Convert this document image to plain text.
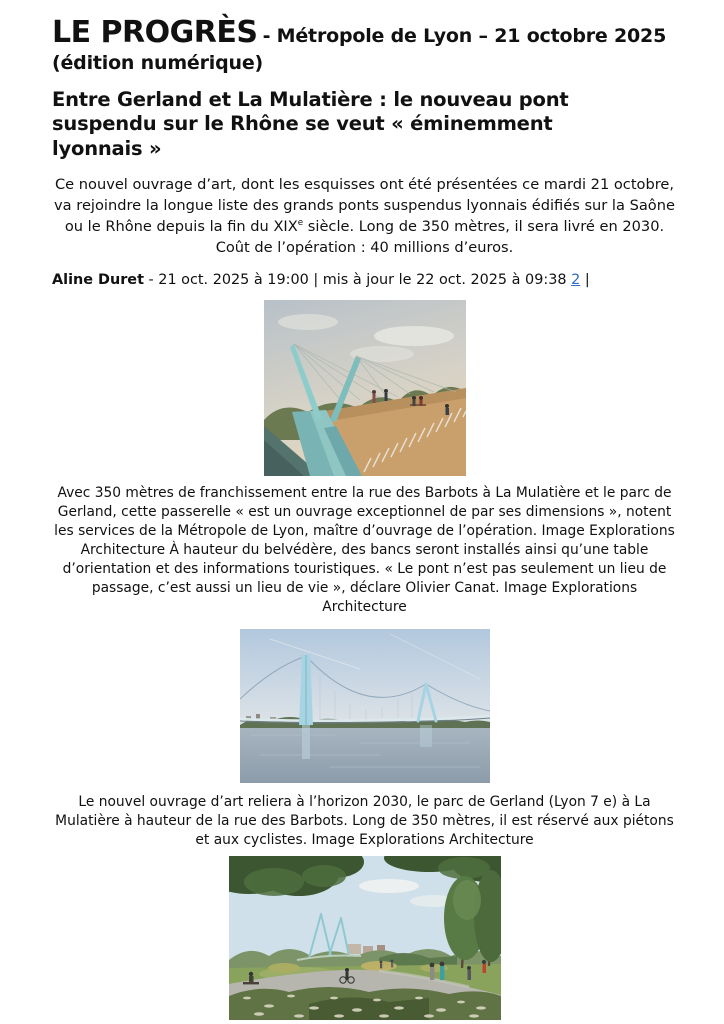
LE PROGRÈS - Métropole de Lyon – 21 octobre 2025 (édition numérique)
Entre Gerland et La Mulatière : le nouveau pont suspendu sur le Rhône se veut « éminemment lyonnais »

Ce nouvel ouvrage d’art, dont les esquisses ont été présentées ce mardi 21 octobre, va rejoindre la longue liste des grands ponts suspendus lyonnais édifiés sur la Saône ou le Rhône depuis la fin du XIXe siècle. Long de 350 mètres, il sera livré en 2030. Coût de l’opération : 40 millions d’euros.

Aline Duret - 21 oct. 2025 à 19:00 | mis à jour le 22 oct. 2025 à 09:38 2 |

Avec 350 mètres de franchissement entre la rue des Barbots à La Mulatière et le parc de Gerland, cette passerelle « est un ouvrage exceptionnel de par ses dimensions », notent les services de la Métropole de Lyon, maître d’ouvrage de l’opération. Image Explorations Architecture À hauteur du belvédère, des bancs seront installés ainsi qu’une table d’orientation et des informations touristiques. « Le pont n’est pas seulement un lieu de passage, c’est aussi un lieu de vie », déclare Olivier Canat. Image Explorations Architecture

Le nouvel ouvrage d’art reliera à l’horizon 2030, le parc de Gerland (Lyon 7 e) à La Mulatière à hauteur de la rue des Barbots. Long de 350 mètres, il est réservé aux piétons et aux cyclistes. Image Explorations Architecture
